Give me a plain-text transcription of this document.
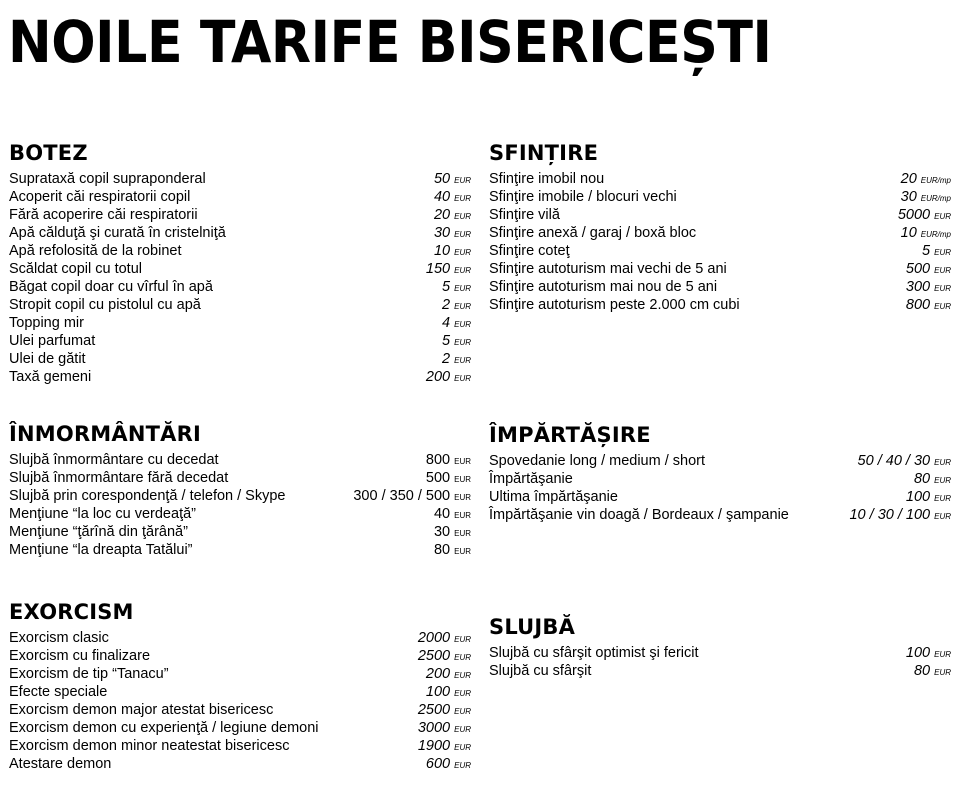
NOILE TARIFE BISERICEȘTI
BOTEZ
Suprataxă copil supraponderal	50 EUR
Acoperit căi respiratorii copil	40 EUR
Fără acoperire căi respiratorii	20 EUR
Apă călduţă şi curată în cristelniţă	30 EUR
Apă refolosită de la robinet	10 EUR
Scăldat copil cu totul	150 EUR
Băgat copil doar cu vîrful în apă	5 EUR
Stropit copil cu pistolul cu apă	2 EUR
Topping mir	4 EUR
Ulei parfumat	5 EUR
Ulei de gătit	2 EUR
Taxă gemeni	200 EUR
SFINȚIRE
Sfinţire imobil nou	20 EUR/mp
Sfinţire imobile / blocuri vechi	30 EUR/mp
Sfinţire vilă	5000 EUR
Sfinţire anexă / garaj / boxă bloc	10 EUR/mp
Sfinţire coteţ	5 EUR
Sfinţire autoturism mai vechi de 5 ani	500 EUR
Sfinţire autoturism mai nou de 5 ani	300 EUR
Sfinţire autoturism peste 2.000 cm cubi	800 EUR
ÎNMORMÂNTĂRI
Slujbă înmormântare cu decedat	800 EUR
Slujbă înmormântare fără decedat	500 EUR
Slujbă prin corespondenţă / telefon / Skype	300 / 350 / 500 EUR
Menţiune “la loc cu verdeaţă”	40 EUR
Menţiune “ţărînă din ţărână”	30 EUR
Menţiune “la dreapta Tatălui”	80 EUR
ÎMPĂRTĂȘIRE
Spovedanie long / medium / short	50 / 40 / 30 EUR
Împărtăşanie	80 EUR
Ultima împărtăşanie	100 EUR
Împărtăşanie vin doagă / Bordeaux / şampanie	10 / 30 / 100 EUR
EXORCISM
Exorcism clasic	2000 EUR
Exorcism cu finalizare	2500 EUR
Exorcism de tip “Tanacu”	200 EUR
Efecte speciale	100 EUR
Exorcism demon major atestat bisericesc	2500 EUR
Exorcism demon cu experienţă / legiune demoni	3000 EUR
Exorcism demon minor neatestat bisericesc	1900 EUR
Atestare demon	600 EUR
SLUJBĂ
Slujbă cu sfârşit optimist şi fericit	100 EUR
Slujbă cu sfârşit	80 EUR
